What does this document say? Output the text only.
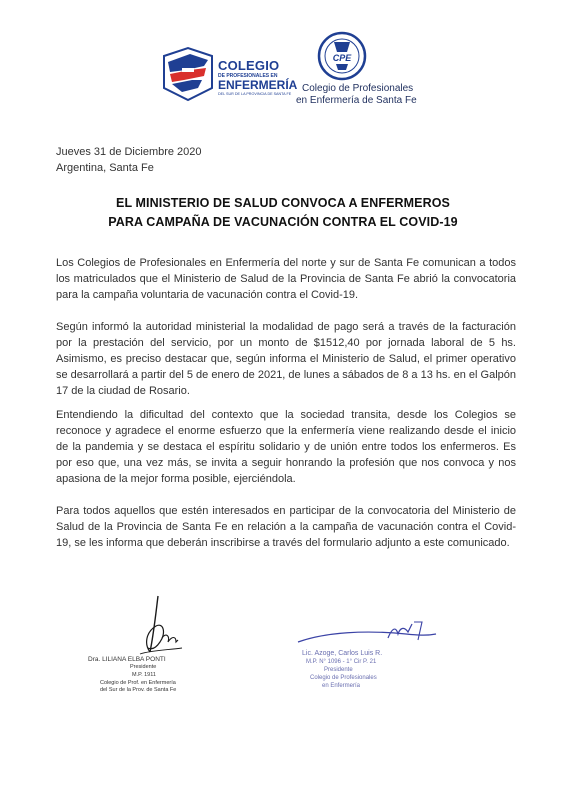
COLEGIO
DE PROFESIONALES EN
ENFERMERÍA
DEL SUR DE LA PROVINCIA DE SANTA FE
CPE
Colegio de Profesionales
en Enfermería de Santa Fe
Jueves 31 de Diciembre 2020
Argentina, Santa Fe
EL MINISTERIO DE SALUD CONVOCA A ENFERMEROS
PARA CAMPAÑA DE VACUNACIÓN CONTRA EL COVID-19
Los Colegios de Profesionales en Enfermería del norte y sur de Santa Fe comunican a todos los matriculados que el Ministerio de Salud de la Provincia de Santa Fe abrió la convocatoria para la campaña voluntaria de vacunación contra el Covid-19.
Según informó la autoridad ministerial la modalidad de pago será a través de la facturación por la prestación del servicio, por un monto de $1512,40 por jornada laboral de 5 hs. Asimismo, es preciso destacar que, según informa el Ministerio de Salud, el primer operativo se desarrollará a partir del 5 de enero de 2021, de lunes a sábados de 8 a 13 hs. en el Galpón 17 de la ciudad de Rosario.
Entendiendo la dificultad del contexto que la sociedad transita, desde los Colegios se reconoce y agradece el enorme esfuerzo que la enfermería viene realizando desde el inicio de la pandemia y se destaca el espíritu solidario y de unión entre todos los enfermeros. Es por eso que, una vez más, se invita a seguir honrando la profesión que nos convoca y nos apasiona de la mejor forma posible, ejerciéndola.
Para todos aquellos que estén interesados en participar de la convocatoria del Ministerio de Salud de la Provincia de Santa Fe en relación a la campaña de vacunación contra el Covid-19, se les informa que deberán inscribirse a través del formulario adjunto a este comunicado.
Dra. LILIANA ELBA PONTI
Presidente
M.P. 1911
Colegio de Prof. en Enfermería
del Sur de la Prov. de Santa Fe
Lic. Azoge, Carlos Luis R.
M.P. N° 1096 - 1° Cir P. 21
Presidente
Colegio de Profesionales
en Enfermería
